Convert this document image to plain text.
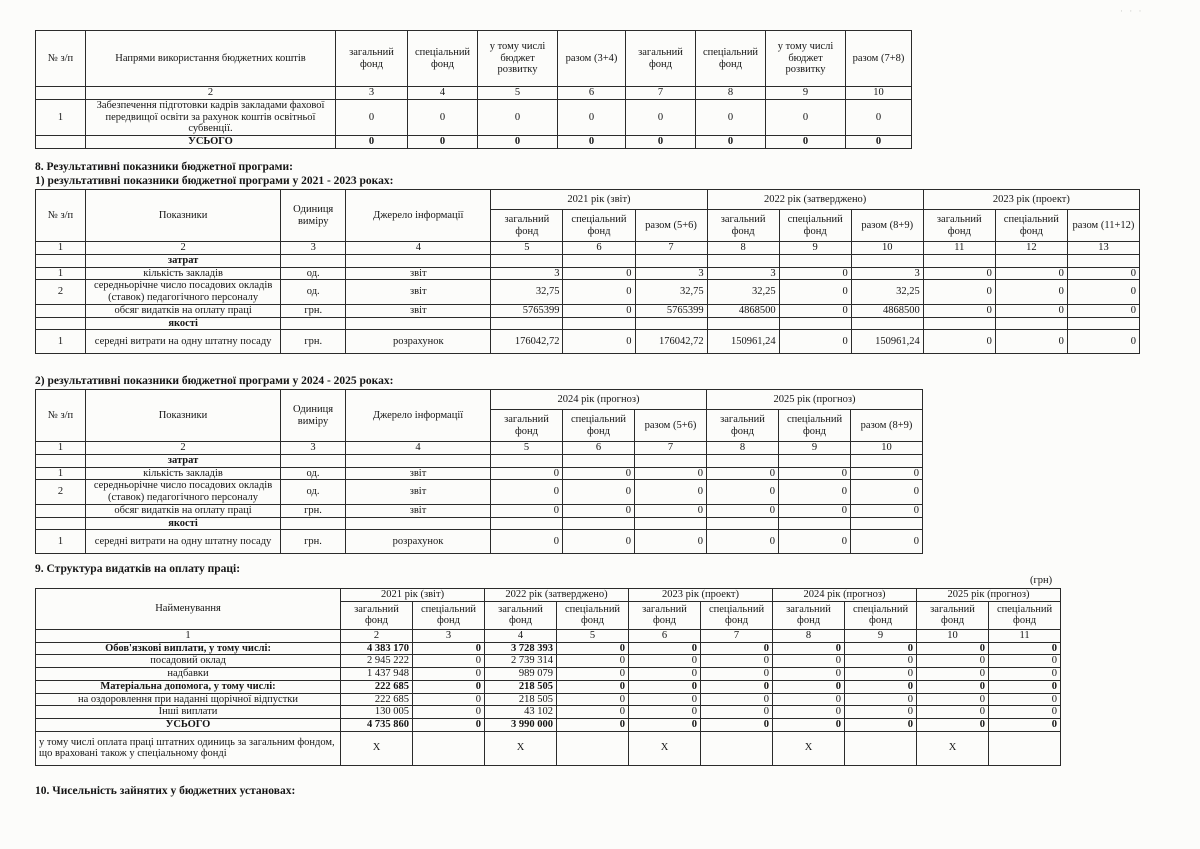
· · ·
№ з/п	Напрями використання бюджетних коштів	загальний фонд	спеціальний фонд	у тому числі бюджет розвитку	разом (3+4)	загальний фонд	спеціальний фонд	у тому числі бюджет розвитку	разом (7+8)
	2	3	4	5	6	7	8	9	10
1	Забезпечення підготовки кадрів закладами фахової передвищої освіти за рахунок коштів освітньої субвенції.	0	0	0	0	0	0	0	0
	УСЬОГО	0	0	0	0	0	0	0	0
8. Результативні показники бюджетної програми:
1) результативні показники бюджетної програми у 2021 - 2023 роках:
№ з/п	Показники	Одиниця виміру	Джерело інформації	2021 рік (звіт)			2022 рік (затверджено)			2023 рік (проект)		
				загальний фонд	спеціальний фонд	разом (5+6)	загальний фонд	спеціальний фонд	разом (8+9)	загальний фонд	спеціальний фонд	разом (11+12)
1	2	3	4	5	6	7	8	9	10	11	12	13
	затрат											
1	кількість закладів	од.	звіт	3	0	3	3	0	3	0	0	0
2	середньорічне число посадових окладів (ставок) педагогічного персоналу	од.	звіт	32,75	0	32,75	32,25	0	32,25	0	0	0
	обсяг видатків на оплату праці	грн.	звіт	5765399	0	5765399	4868500	0	4868500	0	0	0
	якості											
1	середні витрати на одну штатну посаду	грн.	розрахунок	176042,72	0	176042,72	150961,24	0	150961,24	0	0	0
2) результативні показники бюджетної програми у 2024 - 2025 роках:
№ з/п	Показники	Одиниця виміру	Джерело інформації	2024 рік (прогноз)			2025 рік (прогноз)		
				загальний фонд	спеціальний фонд	разом (5+6)	загальний фонд	спеціальний фонд	разом (8+9)
1	2	3	4	5	6	7	8	9	10
	затрат								
1	кількість закладів	од.	звіт	0	0	0	0	0	0
2	середньорічне число посадових окладів (ставок) педагогічного персоналу	од.	звіт	0	0	0	0	0	0
	обсяг видатків на оплату праці	грн.	звіт	0	0	0	0	0	0
	якості								
1	середні витрати на одну штатну посаду	грн.	розрахунок	0	0	0	0	0	0
9. Структура видатків на оплату праці:
(грн)
Найменування	2021 рік (звіт)		2022 рік (затверджено)		2023 рік (проект)		2024 рік (прогноз)		2025 рік (прогноз)	
	загальний фонд	спеціальний фонд	загальний фонд	спеціальний фонд	загальний фонд	спеціальний фонд	загальний фонд	спеціальний фонд	загальний фонд	спеціальний фонд
1	2	3	4	5	6	7	8	9	10	11
Обов'язкові виплати, у тому числі:	4 383 170	0	3 728 393	0	0	0	0	0	0	0
посадовий оклад	2 945 222	0	2 739 314	0	0	0	0	0	0	0
надбавки	1 437 948	0	989 079	0	0	0	0	0	0	0
Матеріальна допомога, у тому числі:	222 685	0	218 505	0	0	0	0	0	0	0
на оздоровлення при наданні щорічної відпустки	222 685	0	218 505	0	0	0	0	0	0	0
Інші виплати	130 005	0	43 102	0	0	0	0	0	0	0
УСЬОГО	4 735 860	0	3 990 000	0	0	0	0	0	0	0
у тому числі оплата праці штатних одиниць за загальним фондом, що враховані також у спеціальному фонді	X		X		X		X		X	
10. Чисельність зайнятих у бюджетних установах:
